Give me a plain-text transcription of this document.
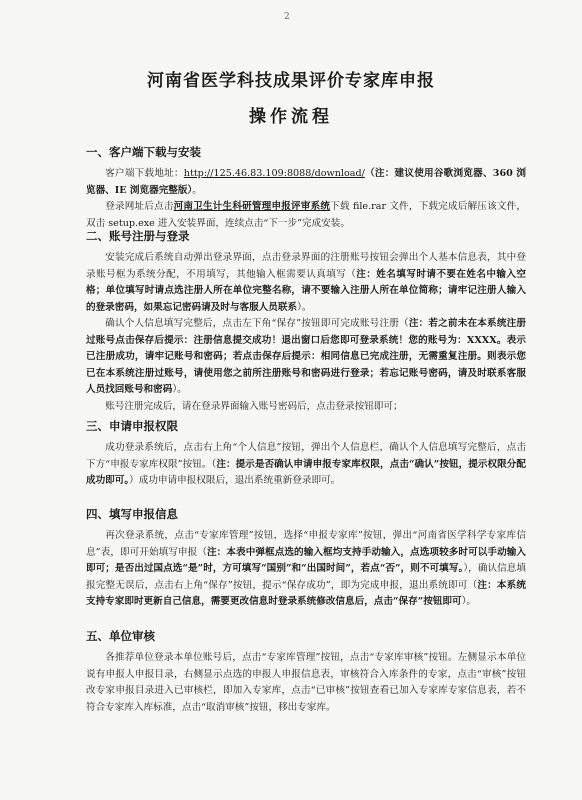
2
河南省医学科技成果评价专家库申报
操作流程
一、客户端下载与安装

客户端下载地址：http://125.46.83.109:8088/download/（注：建议使用谷歌浏览器、360 浏览器、IE 浏览器完整版）。

登录网址后点击河南卫生计生科研管理申报评审系统下载 file.rar 文件，下载完成后解压该文件，双击 setup.exe 进入安装界面，连续点击“下一步”完成安装。

二、账号注册与登录

安装完成后系统自动弹出登录界面，点击登录界面的注册账号按钮会弹出个人基本信息表，其中登录账号框为系统分配，不用填写，其他输入框需要认真填写（注：姓名填写时请不要在姓名中输入空格；单位填写时请点选注册人所在单位完整名称，请不要输入注册人所在单位简称；请牢记注册人输入的登录密码，如果忘记密码请及时与客服人员联系）。

确认个人信息填写完整后，点击左下角“保存”按钮即可完成账号注册（注：若之前未在本系统注册过账号点击保存后提示：注册信息提交成功！退出窗口后您即可登录系统！您的账号为：XXXX。表示已注册成功，请牢记账号和密码；若点击保存后提示：相同信息已完成注册，无需重复注册。则表示您已在本系统注册过账号，请使用您之前所注册账号和密码进行登录；若忘记账号密码，请及时联系客服人员找回账号和密码）。

账号注册完成后，请在登录界面输入账号密码后，点击登录按钮即可；

三、申请申报权限

成功登录系统后，点击右上角“个人信息”按钮，弹出个人信息栏，确认个人信息填写完整后，点击下方“申报专家库权限”按钮。（注：提示是否确认申请申报专家库权限，点击“确认”按钮，提示权限分配成功即可。）成功申请申报权限后，退出系统重新登录即可。

四、填写申报信息

再次登录系统，点击“专家库管理”按钮，选择“申报专家库”按钮，弹出“河南省医学科学专家库信息”表，即可开始填写申报（注：本表中弹框点选的输入框均支持手动输入，点选项较多时可以手动输入即可；是否出过国点选“是”时，方可填写“国别”和“出国时间”，若点“否”，则不可填写。），确认信息填报完整无误后，点击右上角“保存”按钮，提示“保存成功”，即为完成申报，退出系统即可（注：本系统支持专家即时更新自己信息，需要更改信息时登录系统修改信息后，点击“保存”按钮即可）。

五、单位审核

各推荐单位登录本单位账号后，点击“专家库管理”按钮，点击“专家库审核”按钮。左侧显示本单位说有申报人申报目录，右侧显示点选的申报人申报信息表，审核符合入库条件的专家，点击“审核”按钮改专家申报目录进入已审核栏，即加入专家库，点击“已审核”按钮查看已加入专家库专家信息表，若不符合专家库入库标准，点击“取消审核”按钮，移出专家库。
